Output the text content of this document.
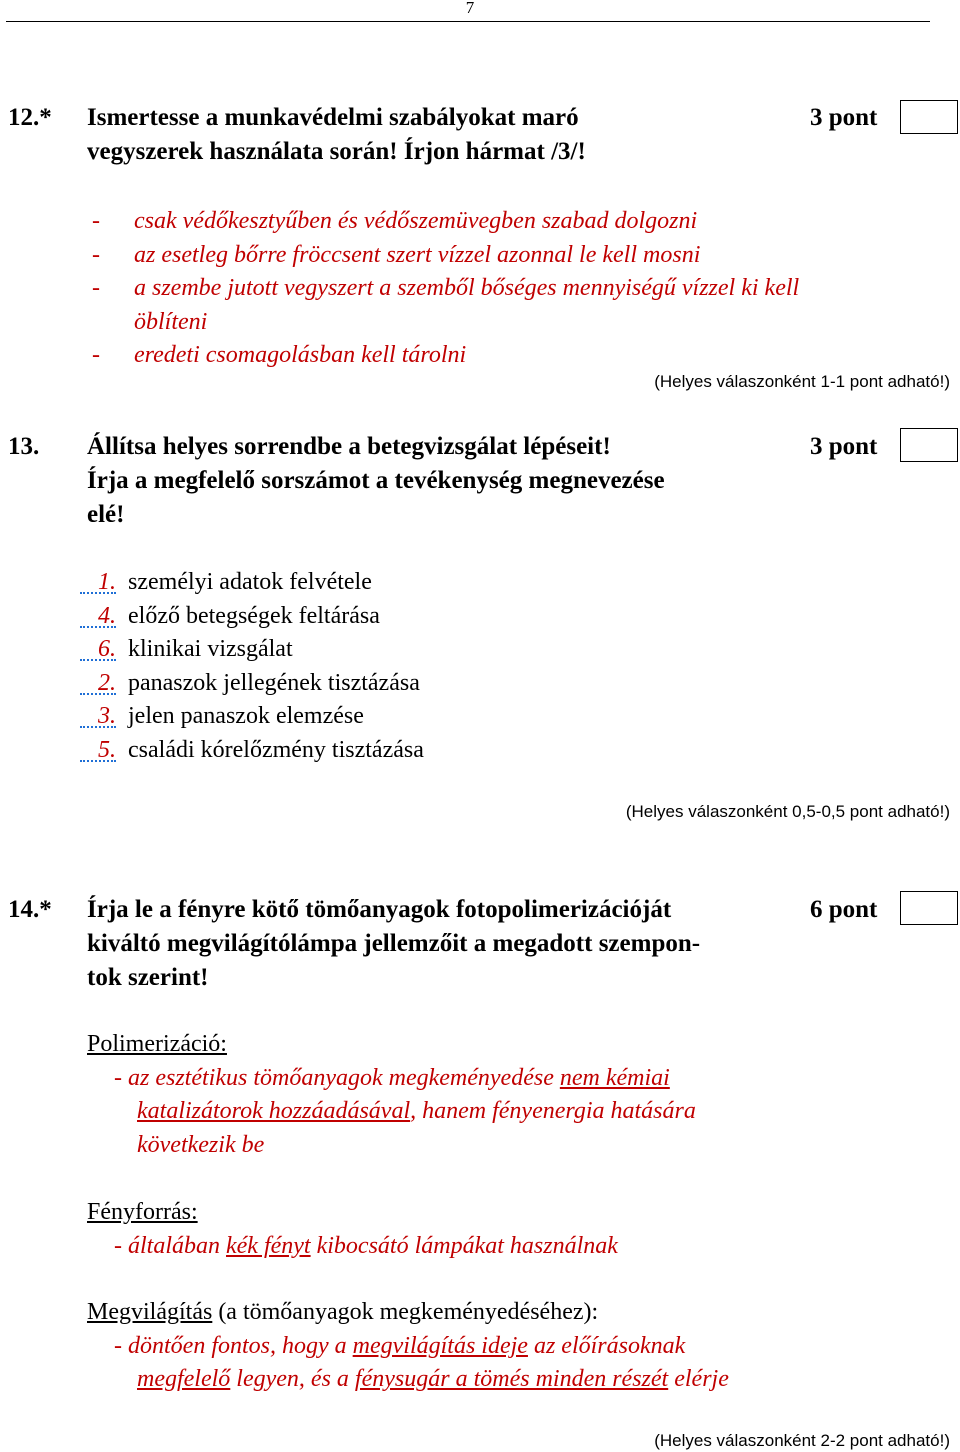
7
12.* Ismertesse a munkavédelmi szabályokat maró
vegyszerek használata során! Írjon hármat /3/!
3 pont
- csak védőkesztyűben és védőszemüvegben szabad dolgozni
- az esetleg bőrre fröccsent szert vízzel azonnal le kell mosni
- a szembe jutott vegyszert a szemből bőséges mennyiségű vízzel ki kell
öblíteni
- eredeti csomagolásban kell tárolni
(Helyes válaszonként 1-1 pont adható!)
13. Állítsa helyes sorrendbe a betegvizsgálat lépéseit!
Írja a megfelelő sorszámot a tevékenység megnevezése
elé!
3 pont
1. személyi adatok felvétele
4. előző betegségek feltárása
6. klinikai vizsgálat
2. panaszok jellegének tisztázása
3. jelen panaszok elemzése
5. családi kórelőzmény tisztázása
(Helyes válaszonként 0,5-0,5 pont adható!)
14.* Írja le a fényre kötő tömőanyagok fotopolimerizációját
kiváltó megvilágítólámpa jellemzőit a megadott szempon-
tok szerint!
6 pont
Polimerizáció:
- az esztétikus tömőanyagok megkeményedése nem kémiai
katalizátorok hozzáadásával, hanem fényenergia hatására
következik be
Fényforrás:
- általában kék fényt kibocsátó lámpákat használnak
Megvilágítás (a tömőanyagok megkeményedéséhez):
- döntően fontos, hogy a megvilágítás ideje az előírásoknak
megfelelő legyen, és a fénysugár a tömés minden részét elérje
(Helyes válaszonként 2-2 pont adható!)
